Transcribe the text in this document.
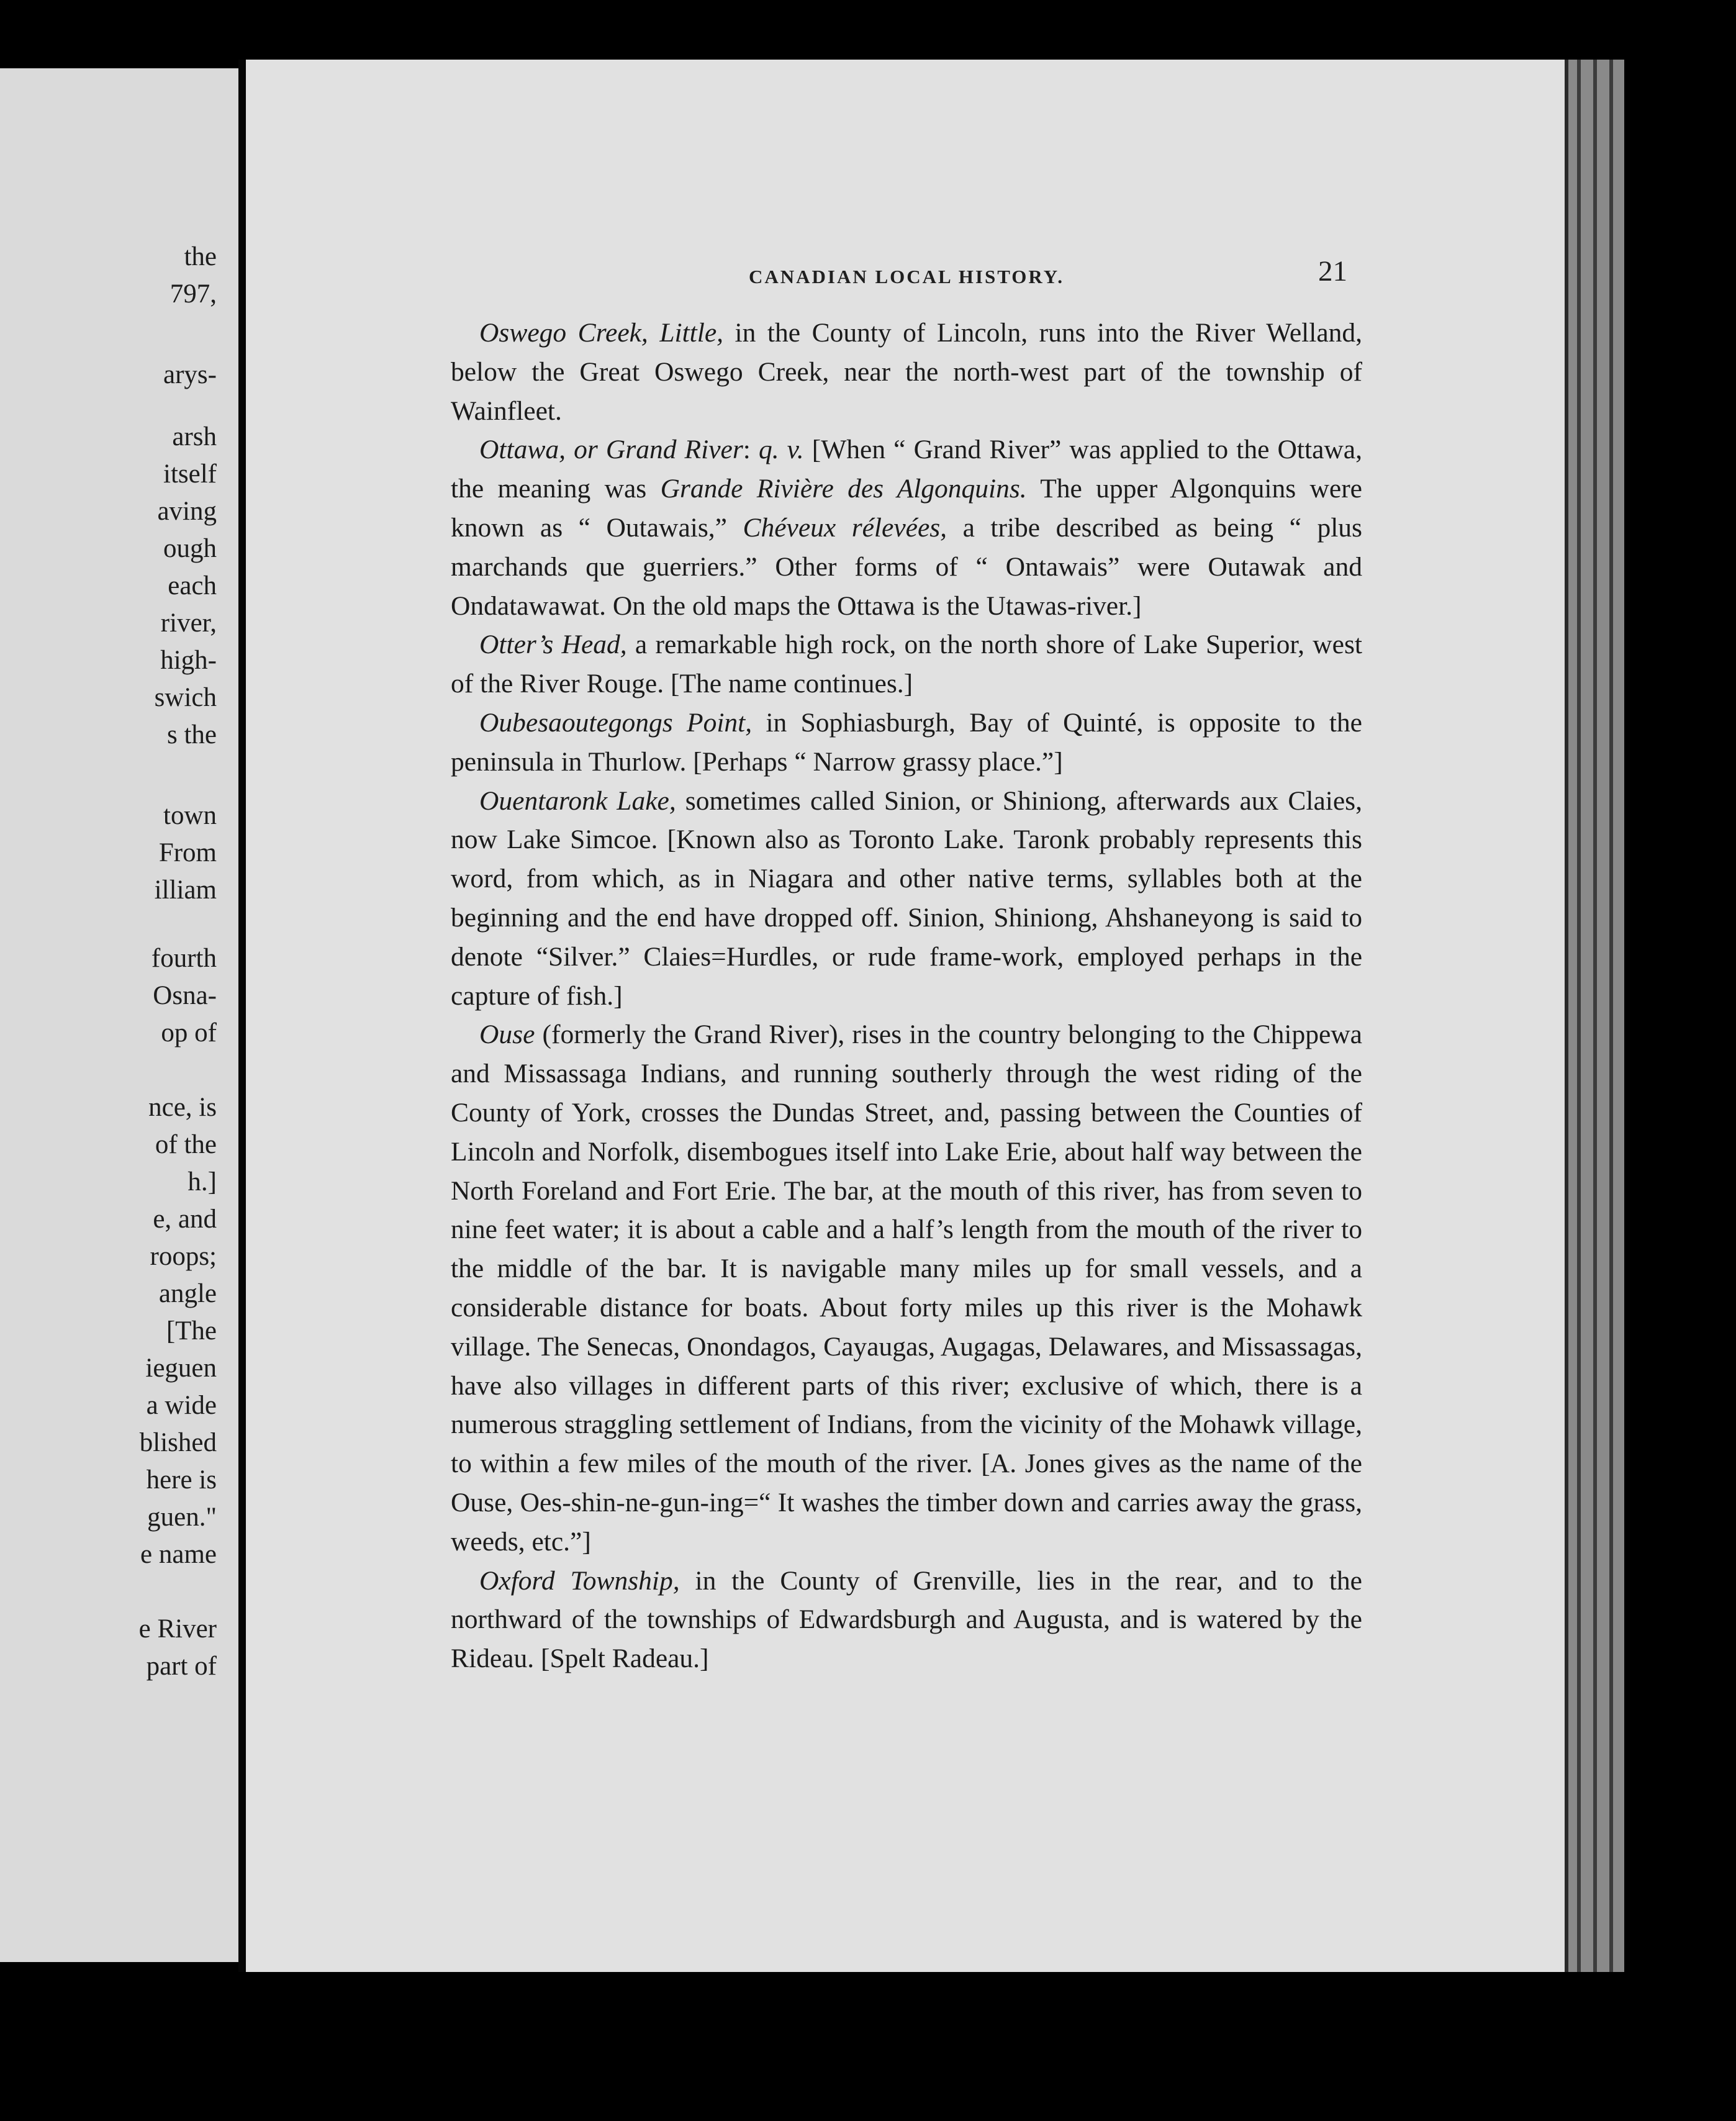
the
797,
arys-
arsh
itself
aving
ough
each
river,
high-
swich
s the
town
From
illiam
fourth
Osna-
op of
nce, is
of the
h.]
e, and
roops;
angle
[The
ieguen
a wide
blished
here is
guen."
e name
e River
part of
CANADIAN LOCAL HISTORY.	21

Oswego Creek, Little, in the County of Lincoln, runs into the River Welland, below the Great Oswego Creek, near the north-west part of the township of Wainfleet.

Ottawa, or Grand River: q. v. [When “ Grand River” was applied to the Ottawa, the meaning was Grande Rivière des Algonquins. The upper Algonquins were known as “ Outawais,” Chéveux rélevées, a tribe described as being “ plus marchands que guerriers.” Other forms of “ Ontawais” were Outawak and Ondatawawat. On the old maps the Ottawa is the Utawas-river.]

Otter’s Head, a remarkable high rock, on the north shore of Lake Superior, west of the River Rouge. [The name continues.]

Oubesaoutegongs Point, in Sophiasburgh, Bay of Quinté, is opposite to the peninsula in Thurlow. [Perhaps “ Narrow grassy place.”]

Ouentaronk Lake, sometimes called Sinion, or Shiniong, afterwards aux Claies, now Lake Simcoe. [Known also as Toronto Lake. Taronk probably represents this word, from which, as in Niagara and other native terms, syllables both at the beginning and the end have dropped off. Sinion, Shiniong, Ahshaneyong is said to denote “Silver.” Claies=Hurdles, or rude frame-work, employed perhaps in the capture of fish.]

Ouse (formerly the Grand River), rises in the country belonging to the Chippewa and Missassaga Indians, and running southerly through the west riding of the County of York, crosses the Dundas Street, and, passing between the Counties of Lincoln and Norfolk, disembogues itself into Lake Erie, about half way between the North Foreland and Fort Erie. The bar, at the mouth of this river, has from seven to nine feet water; it is about a cable and a half’s length from the mouth of the river to the middle of the bar. It is navigable many miles up for small vessels, and a considerable distance for boats. About forty miles up this river is the Mohawk village. The Senecas, Onondagos, Cayaugas, Augagas, Delawares, and Missassagas, have also villages in different parts of this river; exclusive of which, there is a numerous straggling settlement of Indians, from the vicinity of the Mohawk village, to within a few miles of the mouth of the river. [A. Jones gives as the name of the Ouse, Oes-shin-ne-gun-ing=“ It washes the timber down and carries away the grass, weeds, etc.”]

Oxford Township, in the County of Grenville, lies in the rear, and to the northward of the townships of Edwardsburgh and Augusta, and is watered by the Rideau. [Spelt Radeau.]
